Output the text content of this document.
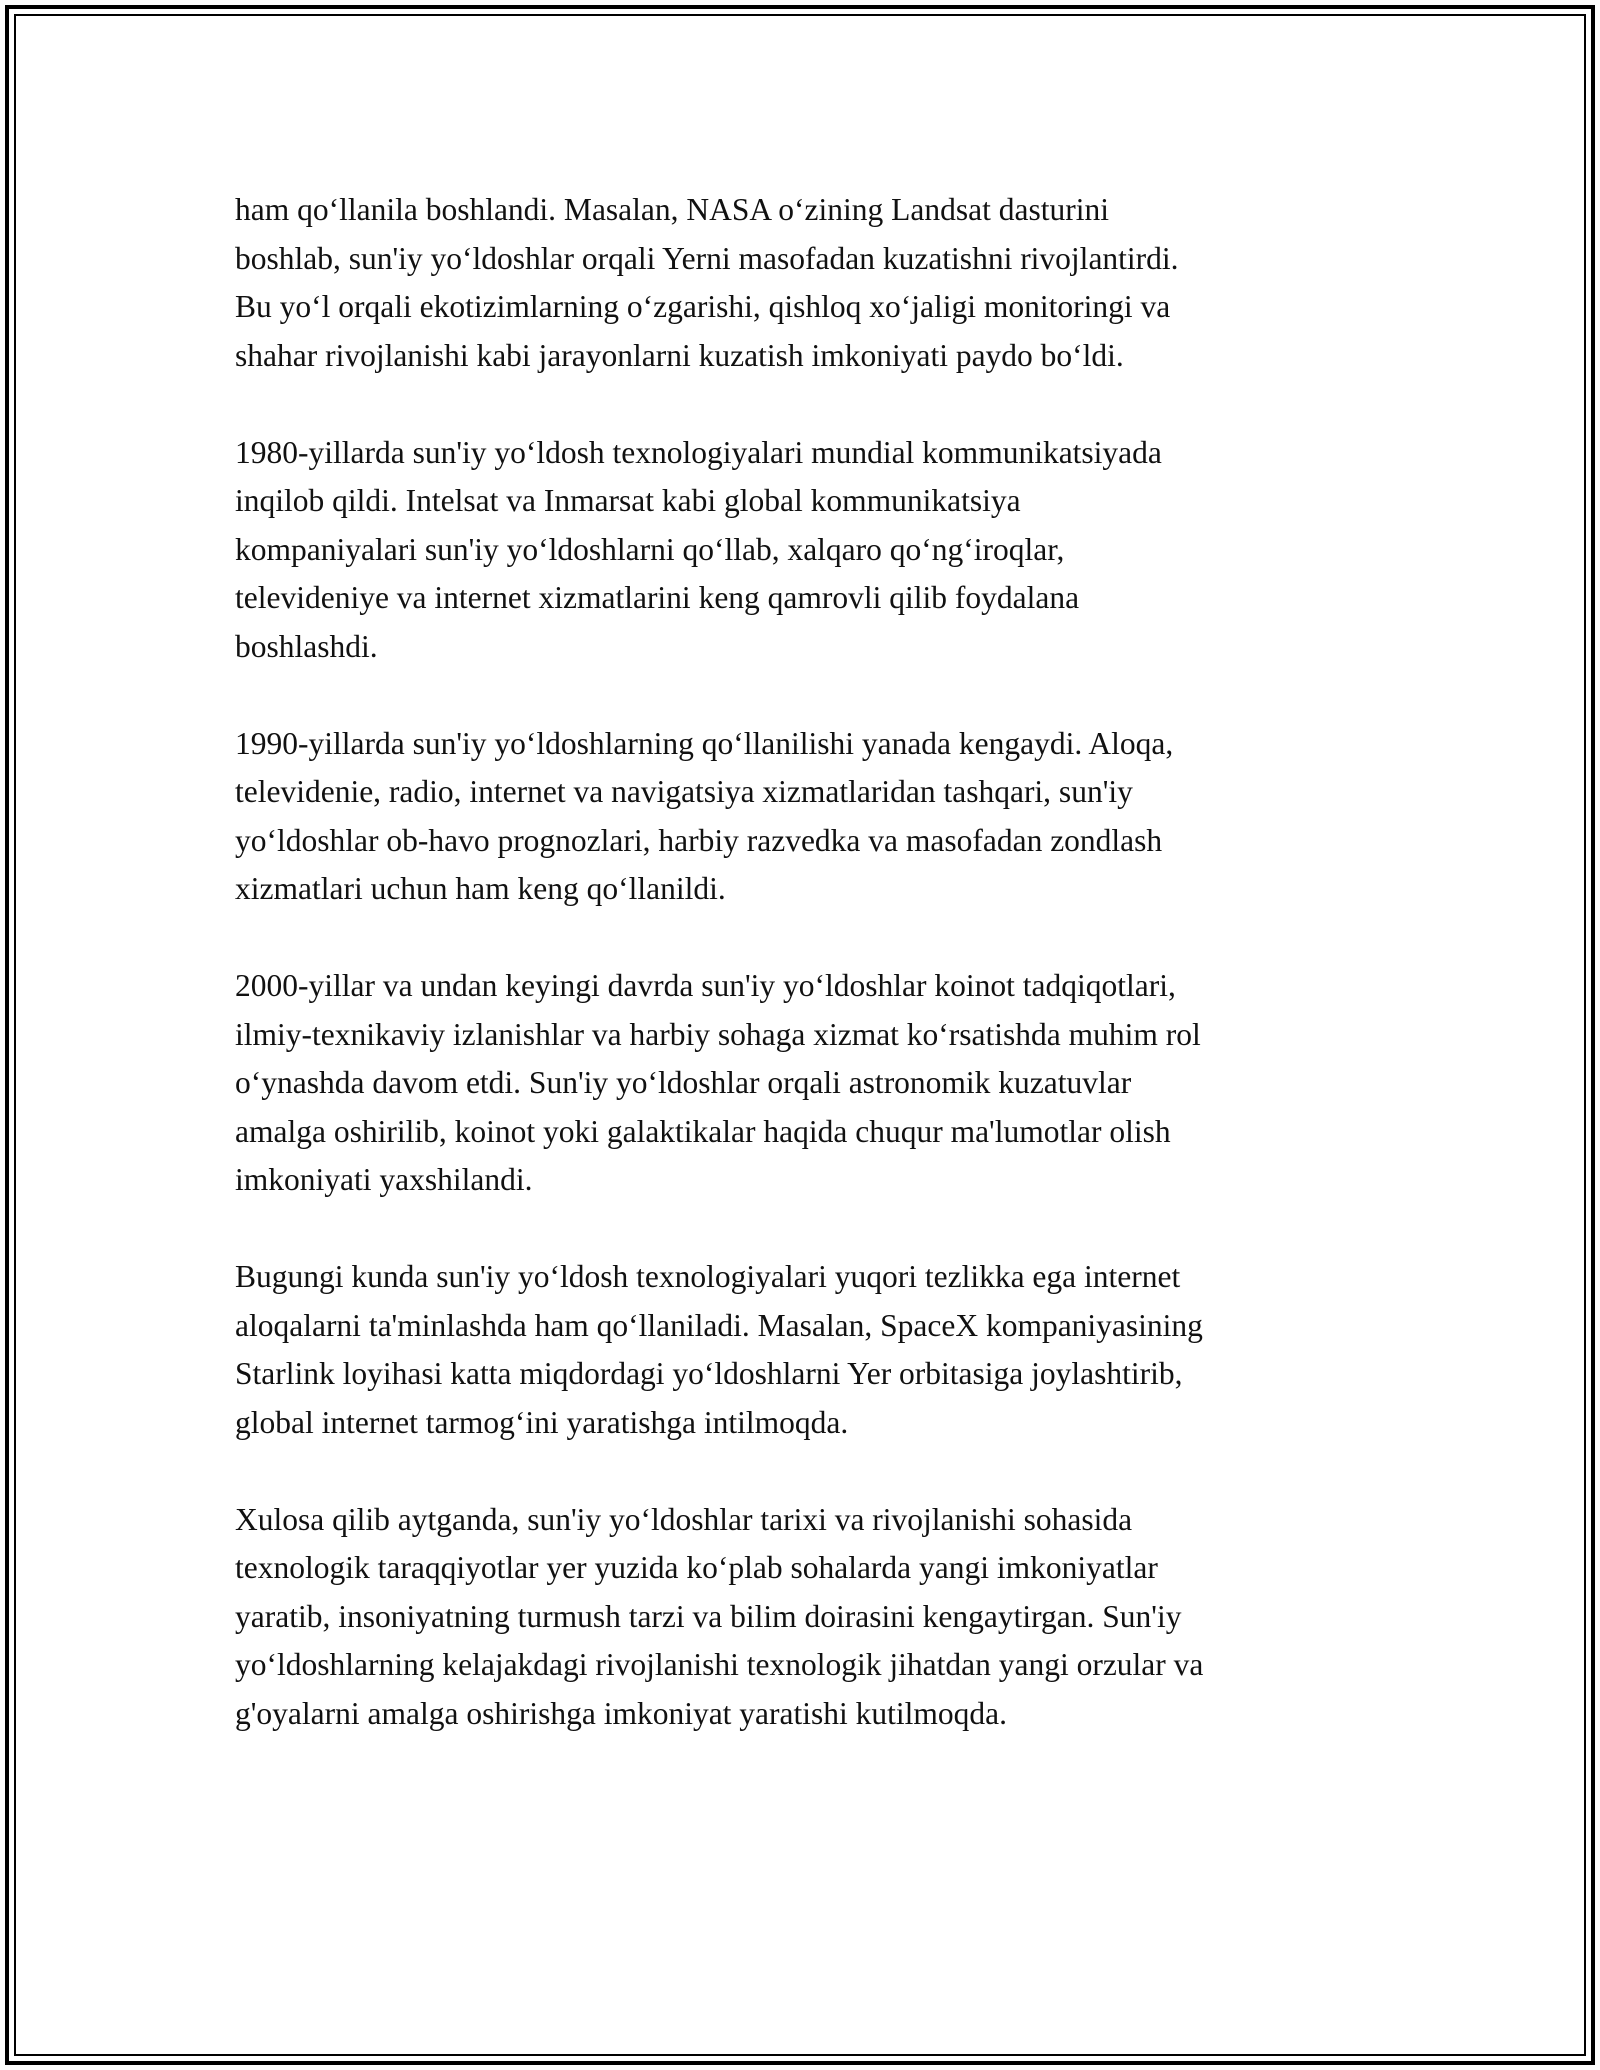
ham qo‘llanila boshlandi. Masalan, NASA o‘zining Landsat dasturini
boshlab, sun'iy yo‘ldoshlar orqali Yerni masofadan kuzatishni rivojlantirdi.
Bu yo‘l orqali ekotizimlarning o‘zgarishi, qishloq xo‘jaligi monitoringi va
shahar rivojlanishi kabi jarayonlarni kuzatish imkoniyati paydo bo‘ldi.

1980-yillarda sun'iy yo‘ldosh texnologiyalari mundial kommunikatsiyada
inqilob qildi. Intelsat va Inmarsat kabi global kommunikatsiya
kompaniyalari sun'iy yo‘ldoshlarni qo‘llab, xalqaro qo‘ng‘iroqlar,
televideniye va internet xizmatlarini keng qamrovli qilib foydalana
boshlashdi.

1990-yillarda sun'iy yo‘ldoshlarning qo‘llanilishi yanada kengaydi. Aloqa,
televidenie, radio, internet va navigatsiya xizmatlaridan tashqari, sun'iy
yo‘ldoshlar ob-havo prognozlari, harbiy razvedka va masofadan zondlash
xizmatlari uchun ham keng qo‘llanildi.

2000-yillar va undan keyingi davrda sun'iy yo‘ldoshlar koinot tadqiqotlari,
ilmiy-texnikaviy izlanishlar va harbiy sohaga xizmat ko‘rsatishda muhim rol
o‘ynashda davom etdi. Sun'iy yo‘ldoshlar orqali astronomik kuzatuvlar
amalga oshirilib, koinot yoki galaktikalar haqida chuqur ma'lumotlar olish
imkoniyati yaxshilandi.

Bugungi kunda sun'iy yo‘ldosh texnologiyalari yuqori tezlikka ega internet
aloqalarni ta'minlashda ham qo‘llaniladi. Masalan, SpaceX kompaniyasining
Starlink loyihasi katta miqdordagi yo‘ldoshlarni Yer orbitasiga joylashtirib,
global internet tarmog‘ini yaratishga intilmoqda.

Xulosa qilib aytganda, sun'iy yo‘ldoshlar tarixi va rivojlanishi sohasida
texnologik taraqqiyotlar yer yuzida ko‘plab sohalarda yangi imkoniyatlar
yaratib, insoniyatning turmush tarzi va bilim doirasini kengaytirgan. Sun'iy
yo‘ldoshlarning kelajakdagi rivojlanishi texnologik jihatdan yangi orzular va
g'oyalarni amalga oshirishga imkoniyat yaratishi kutilmoqda.
